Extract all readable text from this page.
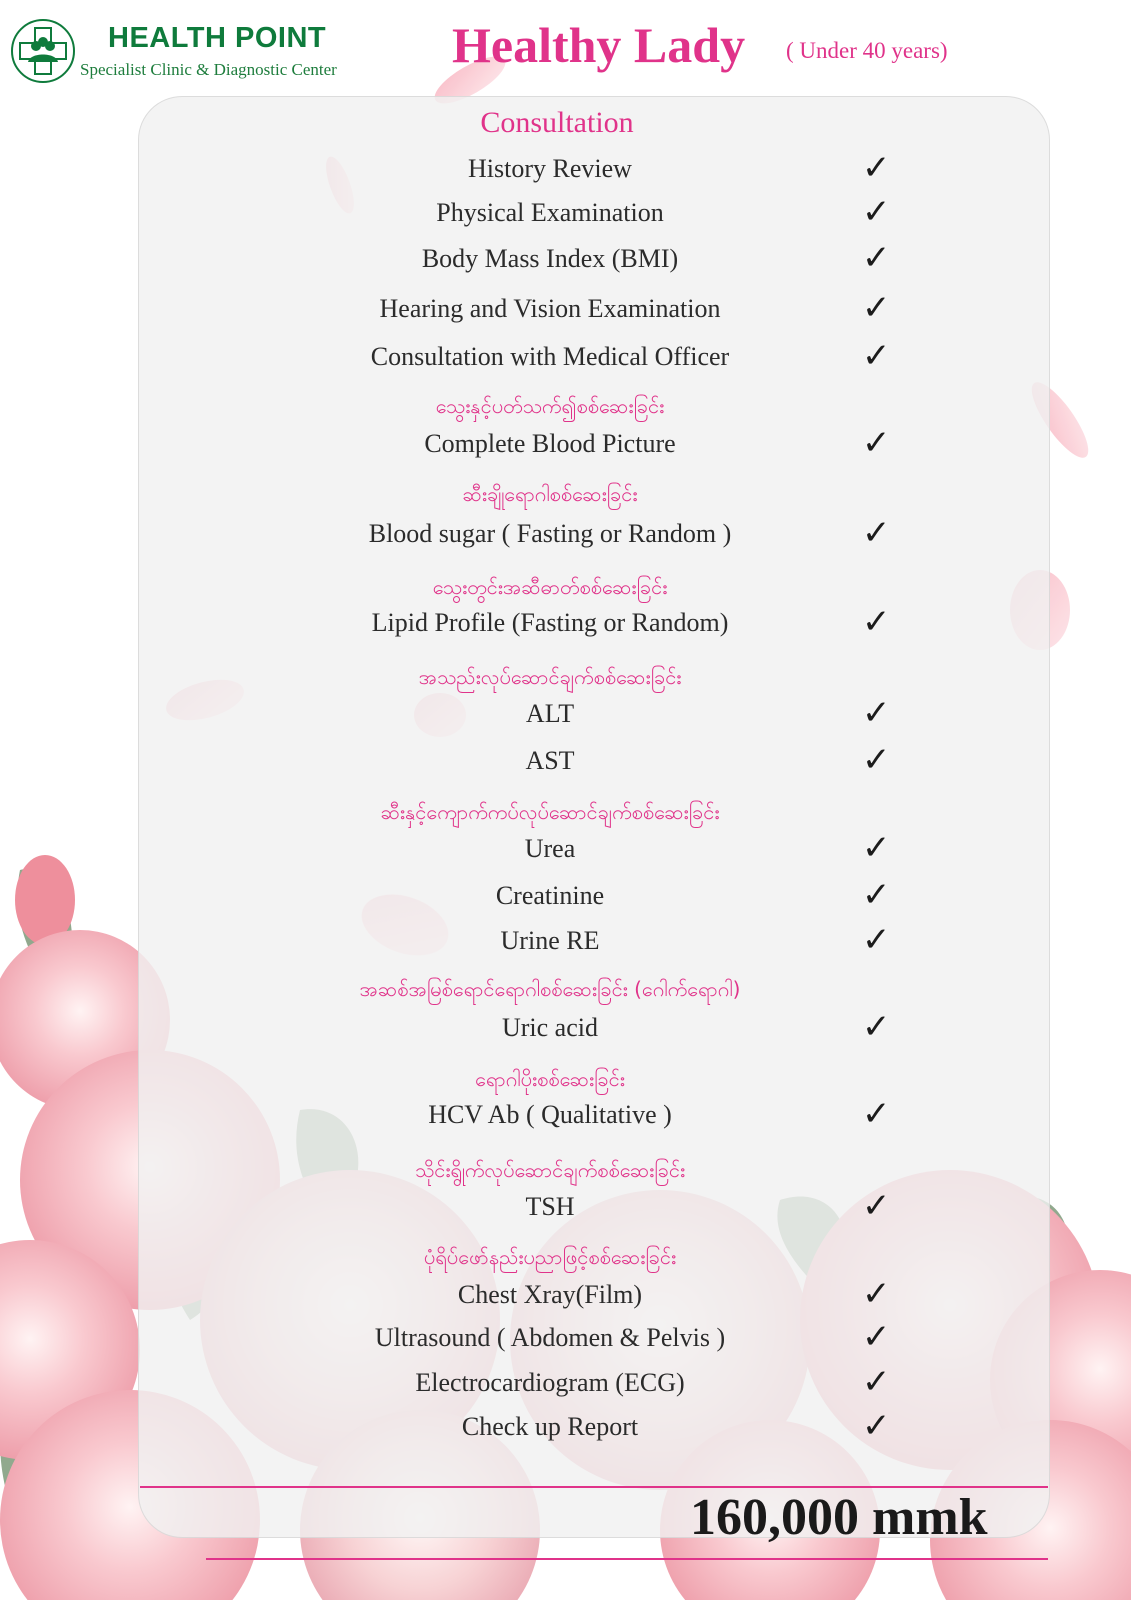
HEALTH POINT
Specialist Clinic & Diagnostic Center Healthy Lady ( Under 40 years)
Consultation
History Review	✓
Physical Examination	✓
Body Mass Index (BMI)	✓
Hearing and Vision Examination	✓
Consultation with Medical Officer	✓
သွေးနှင့်ပတ်သက်၍စစ်ဆေးခြင်း
Complete Blood Picture	✓
ဆီးချိုရောဂါစစ်ဆေးခြင်း
Blood sugar ( Fasting or Random )	✓
သွေးတွင်းအဆီဓာတ်စစ်ဆေးခြင်း
Lipid Profile (Fasting or Random)	✓
အသည်းလုပ်ဆောင်ချက်စစ်ဆေးခြင်း
ALT	✓
AST	✓
ဆီးနှင့်ကျောက်ကပ်လုပ်ဆောင်ချက်စစ်ဆေးခြင်း
Urea	✓
Creatinine	✓
Urine RE	✓
အဆစ်အမြစ်ရောင်ရောဂါစစ်ဆေးခြင်း (ဂေါက်ရောဂါ)
Uric acid	✓
ရောဂါပိုးစစ်ဆေးခြင်း
HCV Ab ( Qualitative )	✓
သိုင်းရွိုက်လုပ်ဆောင်ချက်စစ်ဆေးခြင်း
TSH	✓
ပုံရိပ်ဖော်နည်းပညာဖြင့်စစ်ဆေးခြင်း
Chest Xray(Film)	✓
Ultrasound ( Abdomen & Pelvis )	✓
Electrocardiogram (ECG)	✓
Check up Report	✓
160,000 mmk
